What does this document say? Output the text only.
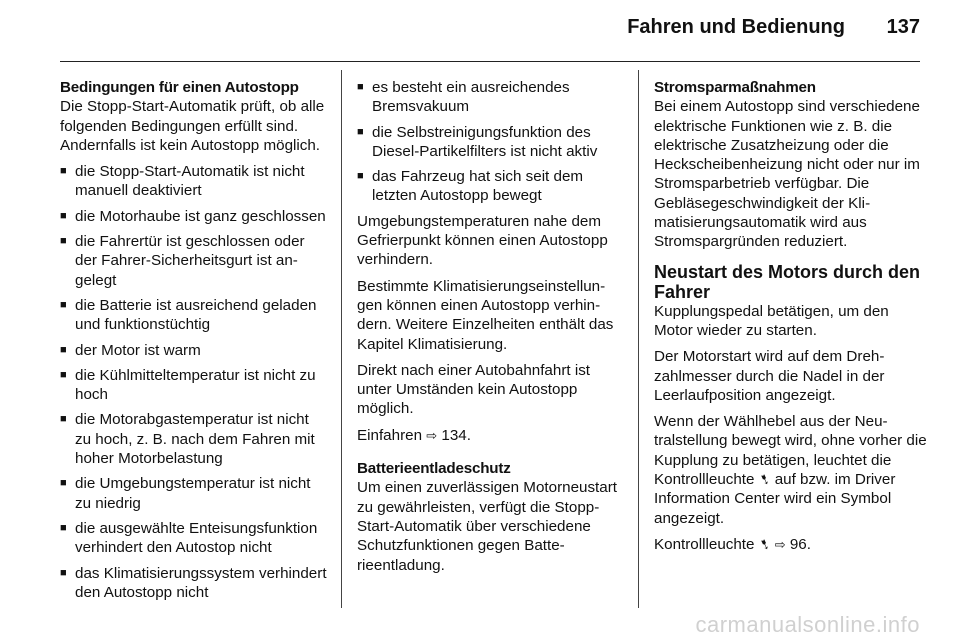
Fahren und Bedienung 137

Bedingungen für einen Autostopp

Die Stopp-Start-Automatik prüft, ob alle folgenden Bedingungen erfüllt sind. Andernfalls ist kein Autostopp möglich.

■ die Stopp-Start-Automatik ist nicht manuell deaktiviert
■ die Motorhaube ist ganz geschlossen
■ die Fahrertür ist geschlossen oder der Fahrer-Sicherheitsgurt ist angelegt
■ die Batterie ist ausreichend geladen und funktionstüchtig
■ der Motor ist warm
■ die Kühlmitteltemperatur ist nicht zu hoch
■ die Motorabgastemperatur ist nicht zu hoch, z. B. nach dem Fahren mit hoher Motorbelastung
■ die Umgebungstemperatur ist nicht zu niedrig
■ die ausgewählte Enteisungsfunktion verhindert den Autostop nicht
■ das Klimatisierungssystem verhindert den Autostopp nicht
■ es besteht ein ausreichendes Bremsvakuum
■ die Selbstreinigungsfunktion des Diesel-Partikelfilters ist nicht aktiv
■ das Fahrzeug hat sich seit dem letzten Autostopp bewegt

Umgebungstemperaturen nahe dem Gefrierpunkt können einen Autostopp verhindern.

Bestimmte Klimatisierungseinstellungen können einen Autostopp verhindern. Weitere Einzelheiten enthält das Kapitel Klimatisierung.

Direkt nach einer Autobahnfahrt ist unter Umständen kein Autostopp möglich.

Einfahren ⇨ 134.

Batterieentladeschutz

Um einen zuverlässigen Motorneustart zu gewährleisten, verfügt die Stopp-Start-Automatik über verschiedene Schutzfunktionen gegen Batterieentladung.

Stromsparmaßnahmen

Bei einem Autostopp sind verschiedene elektrische Funktionen wie z. B. die elektrische Zusatzheizung oder die Heckscheibenheizung nicht oder nur im Stromsparbetrieb verfügbar. Die Gebläsegeschwindigkeit der Klimatisierungsautomatik wird aus Stromspargründen reduziert.

Neustart des Motors durch den Fahrer

Kupplungspedal betätigen, um den Motor wieder zu starten.

Der Motorstart wird auf dem Drehzahlmesser durch die Nadel in der Leerlaufposition angezeigt.

Wenn der Wählhebel aus der Neutralstellung bewegt wird, ohne vorher die Kupplung zu betätigen, leuchtet die Kontrollleuchte ➷ auf bzw. im Driver Information Center wird ein Symbol angezeigt.

Kontrollleuchte ➷ ⇨ 96.

carmanualsonline.info
